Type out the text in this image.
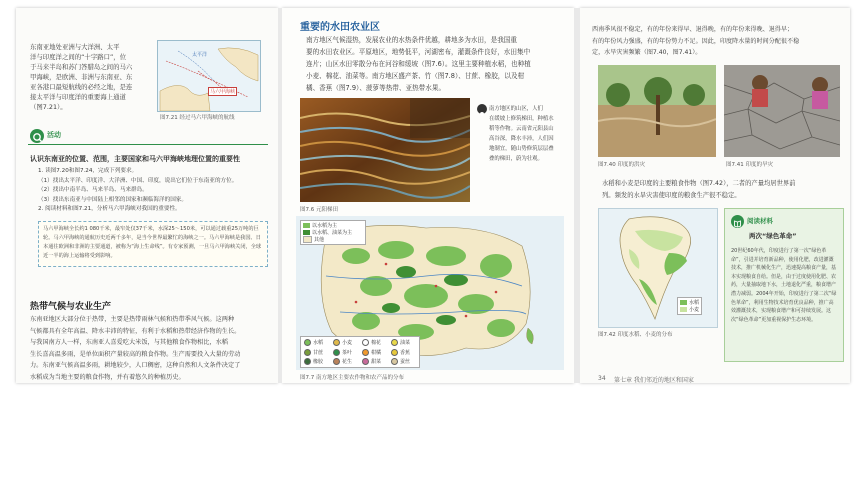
东南亚地处亚洲与大洋洲、太平
洋与印度洋之间的“十字路口”，位
于马来半岛和苏门答腊岛之间的马六
甲海峡，是欧洲、非洲与东南亚、东
亚各港口最短航线的必经之地，是连
接太平洋与印度洋的重要海上通道
（图7.21）。
太平洋
马六甲海峡
图7.21 经过马六甲海峡的航线
活动
认识东南亚的位置、范围，主要国家和马六甲海峡地理位置的重要性
1. 读图7.20和图7.24，完成下列要求。
（1）找出太平洋、印度洋、大洋洲、中国、印度，说出它们位于东南亚的方位。
（2）找出中南半岛、马来半岛、马来群岛。
（3）找出东南亚与中国陆上相邻的国家和濒临海洋的国家。
2. 阅读材料和图7.21，分析马六甲海峡对我国的重要性。
马六甲海峡全长约1 080千米，最窄处仅37千米，水深25～150米，可以通过载重25万吨的巨轮。马六甲海峡的通航历史近两千多年，是当今世界最繁忙的海峡之一。马六甲海峡是我国、日本通往欧洲和非洲的主要通道，被称为“海上生命线”。有专家预测，一旦马六甲海峡关闭，全球近一半的海上运输将受到影响。
热带气候与农业生产
东南亚地区大部分位于热带，主要是热带雨林气候和热带季风气候。这两种
气候都具有全年高温、降水丰沛的特征，有利于水稻和热带经济作物的生长。
与我国南方人一样，东南亚人喜爱吃大米饭，与其他粮食作物相比，水稻
生长喜高温多雨，是单位面积产量较高的粮食作物。生产需要投入大量的劳动
力。东南亚气候高温多雨，耕地较少，人口稠密，这种自然和人文条件决定了
水稻成为当地主要的粮食作物，并有着悠久的种植历史。
重要的水田农业区
南方地区气候湿热，发展农业的水热条件优越，耕地多为水田，是我国重
要的水田农业区。平原地区，地势低平，河湖密布，灌溉条件良好，水田集中
连片；山区水田零散分布在河谷和缓坡（图7.6）。这里主要种植水稻，也种植
小麦、棉花、油菜等。南方地区盛产茶、竹（图7.8）、甘蔗、橡胶，以及柑
橘、香蕉（图7.9）、菠萝等热带、亚热带水果。
南方地区的山区，人们
在缓坡上修筑梯田，种植水
稻等作物。云南省元阳县山
高谷深，降水丰沛，人们因
地制宜，随山势修筑层层叠
叠的梯田，蔚为壮观。
图7.6 元阳梯田
以水稻为主
以水稻、油菜为主
其他
水稻	小麦	棉花	油菜
甘蔗	茶叶	柑橘	香蕉
橡胶	花生	甜菜	蚕丝
图7.7 南方地区主要农作物和农产品的分布
西南季风很不稳定，有的年份来得早、退得晚，有的年份来得晚、退得早；
有的年份风力强盛，有的年份势力不足。因此，印度降水量的时间分配很不稳
定，水旱灾害频繁（图7.40，图7.41）。
图7.40 印度的洪灾	图7.41 印度的旱灾
水稻和小麦是印度的主要粮食作物（图7.42），二者的产量均居世界前
列。频发的水旱灾害使印度的粮食生产很不稳定。
水稻
小麦
图7.42 印度水稻、小麦的分布
阅读材料
两次“绿色革命”
20世纪60年代，印度进行了第一次“绿色革命”，引进并培育新品种，使用化肥，改进灌溉技术，推广机械化生产，迅速提高粮食产量，基本实现粮食自给。但是，由于过度使用化肥、农药，大量抽取地下水，土地退化严重，粮食增产潜力减弱。2004年开始，印度进行了第二次“绿色革命”，利用生物技术培育优良品种，推广高效灌溉技术，实现粮食增产和可持续发展。这次“绿色革命”更加重视保护生态环境。
34 第七章 我们邻近的地区和国家
